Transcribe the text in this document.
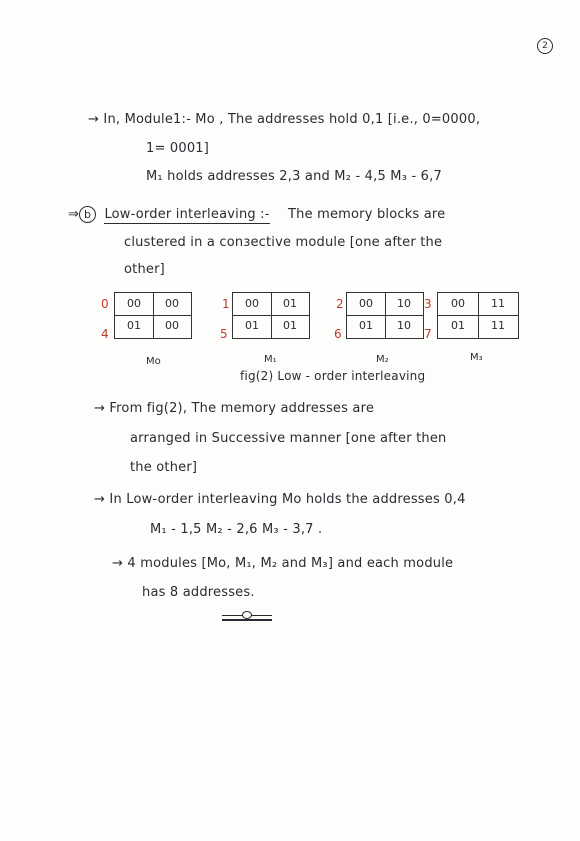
2
→ In, Module1:- Mo , The addresses hold 0,1 [i.e., 0=0000,
1= 0001]
M₁ holds addresses 2,3 and M₂ - 4,5 M₃ - 6,7
⇒ b Low-order interleaving :- The memory blocks are
clustered in a conзective module [one after the
other]
0
4
00	00
01	00
Mo
1
5
00	01
01	01
M₁
2
6
00	10
01	10
M₂
3
7
00	11
01	11
M₃
fig(2) Low - order interleaving
→ From fig(2), The memory addresses are
arranged in Successive manner [one after then
the other]
→ In Low-order interleaving Mo holds the addresses 0,4
M₁ - 1,5 M₂ - 2,6 M₃ - 3,7 .
→ 4 modules [Mo, M₁, M₂ and M₃] and each module
has 8 addresses.
